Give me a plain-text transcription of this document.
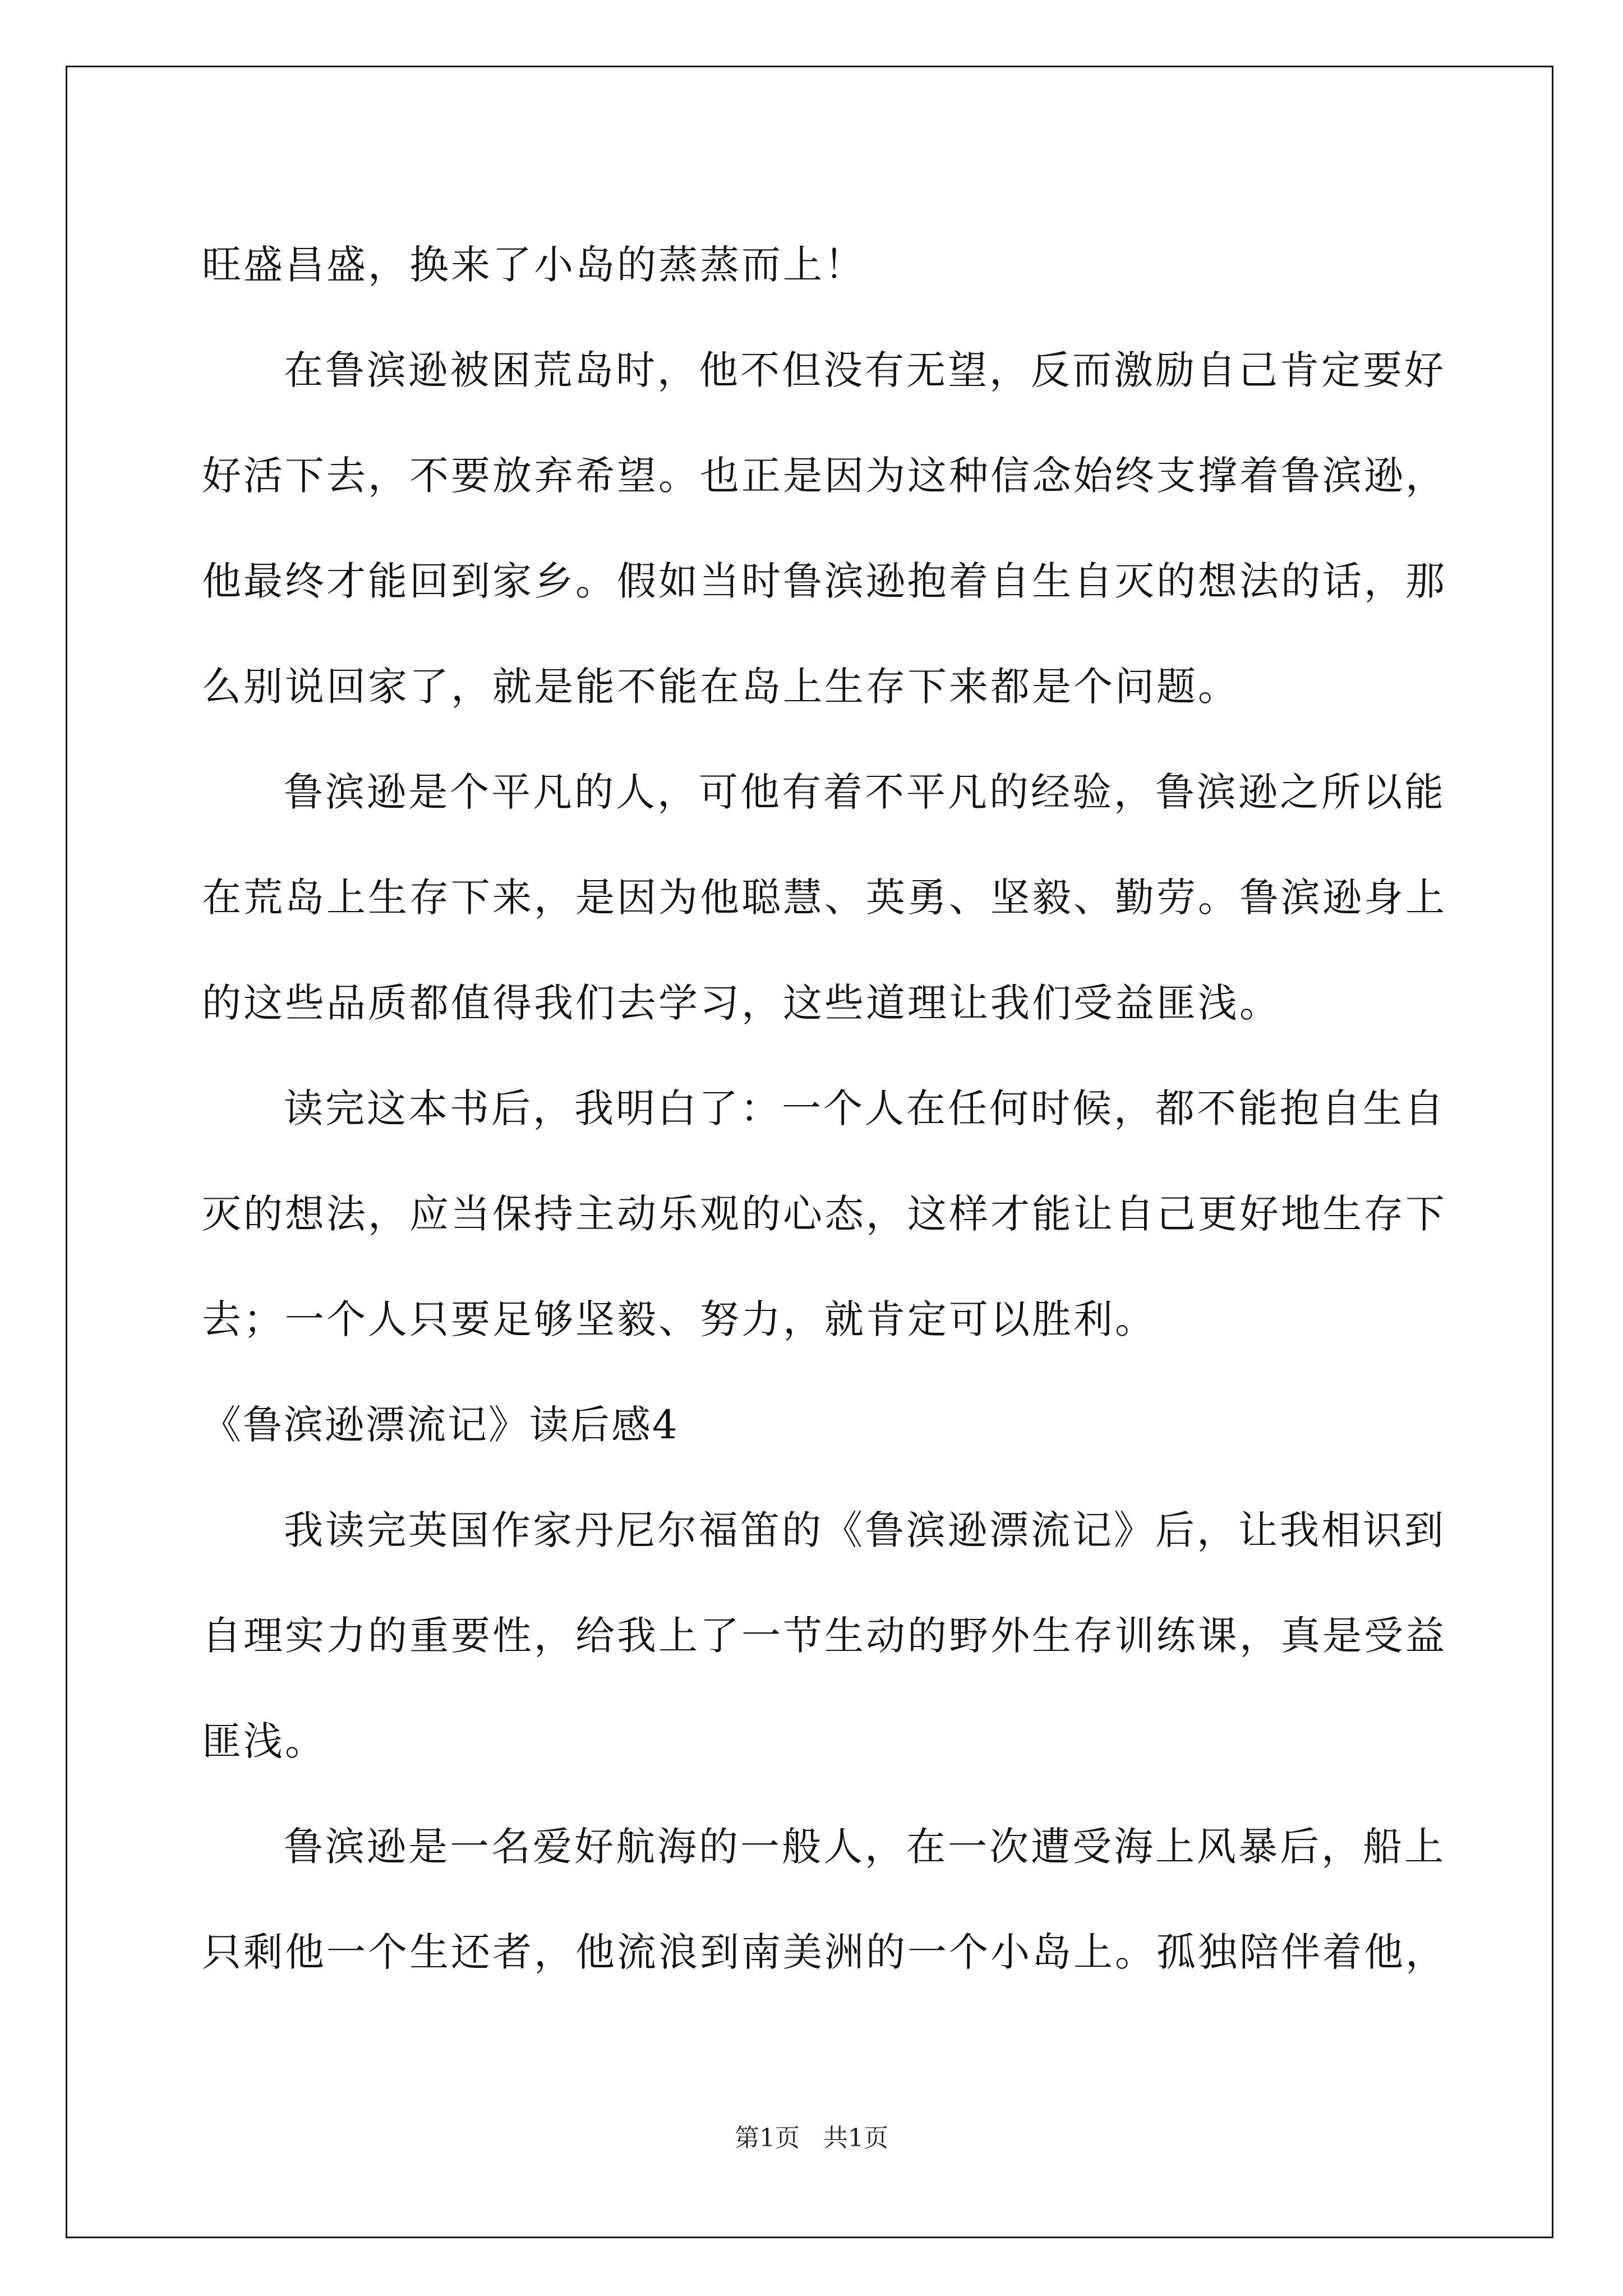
旺盛昌盛，换来了小岛的蒸蒸而上！
在鲁滨逊被困荒岛时，他不但没有无望，反而激励自己肯定要好
好活下去，不要放弃希望。也正是因为这种信念始终支撑着鲁滨逊，
他最终才能回到家乡。假如当时鲁滨逊抱着自生自灭的想法的话，那
么别说回家了，就是能不能在岛上生存下来都是个问题。
鲁滨逊是个平凡的人，可他有着不平凡的经验，鲁滨逊之所以能
在荒岛上生存下来，是因为他聪慧、英勇、坚毅、勤劳。鲁滨逊身上
的这些品质都值得我们去学习，这些道理让我们受益匪浅。
读完这本书后，我明白了：一个人在任何时候，都不能抱自生自
灭的想法，应当保持主动乐观的心态，这样才能让自己更好地生存下
去；一个人只要足够坚毅、努力，就肯定可以胜利。
《鲁滨逊漂流记》读后感4
我读完英国作家丹尼尔福笛的《鲁滨逊漂流记》后，让我相识到
自理实力的重要性，给我上了一节生动的野外生存训练课，真是受益
匪浅。
鲁滨逊是一名爱好航海的一般人，在一次遭受海上风暴后，船上
只剩他一个生还者，他流浪到南美洲的一个小岛上。孤独陪伴着他，
第1页   共1页
